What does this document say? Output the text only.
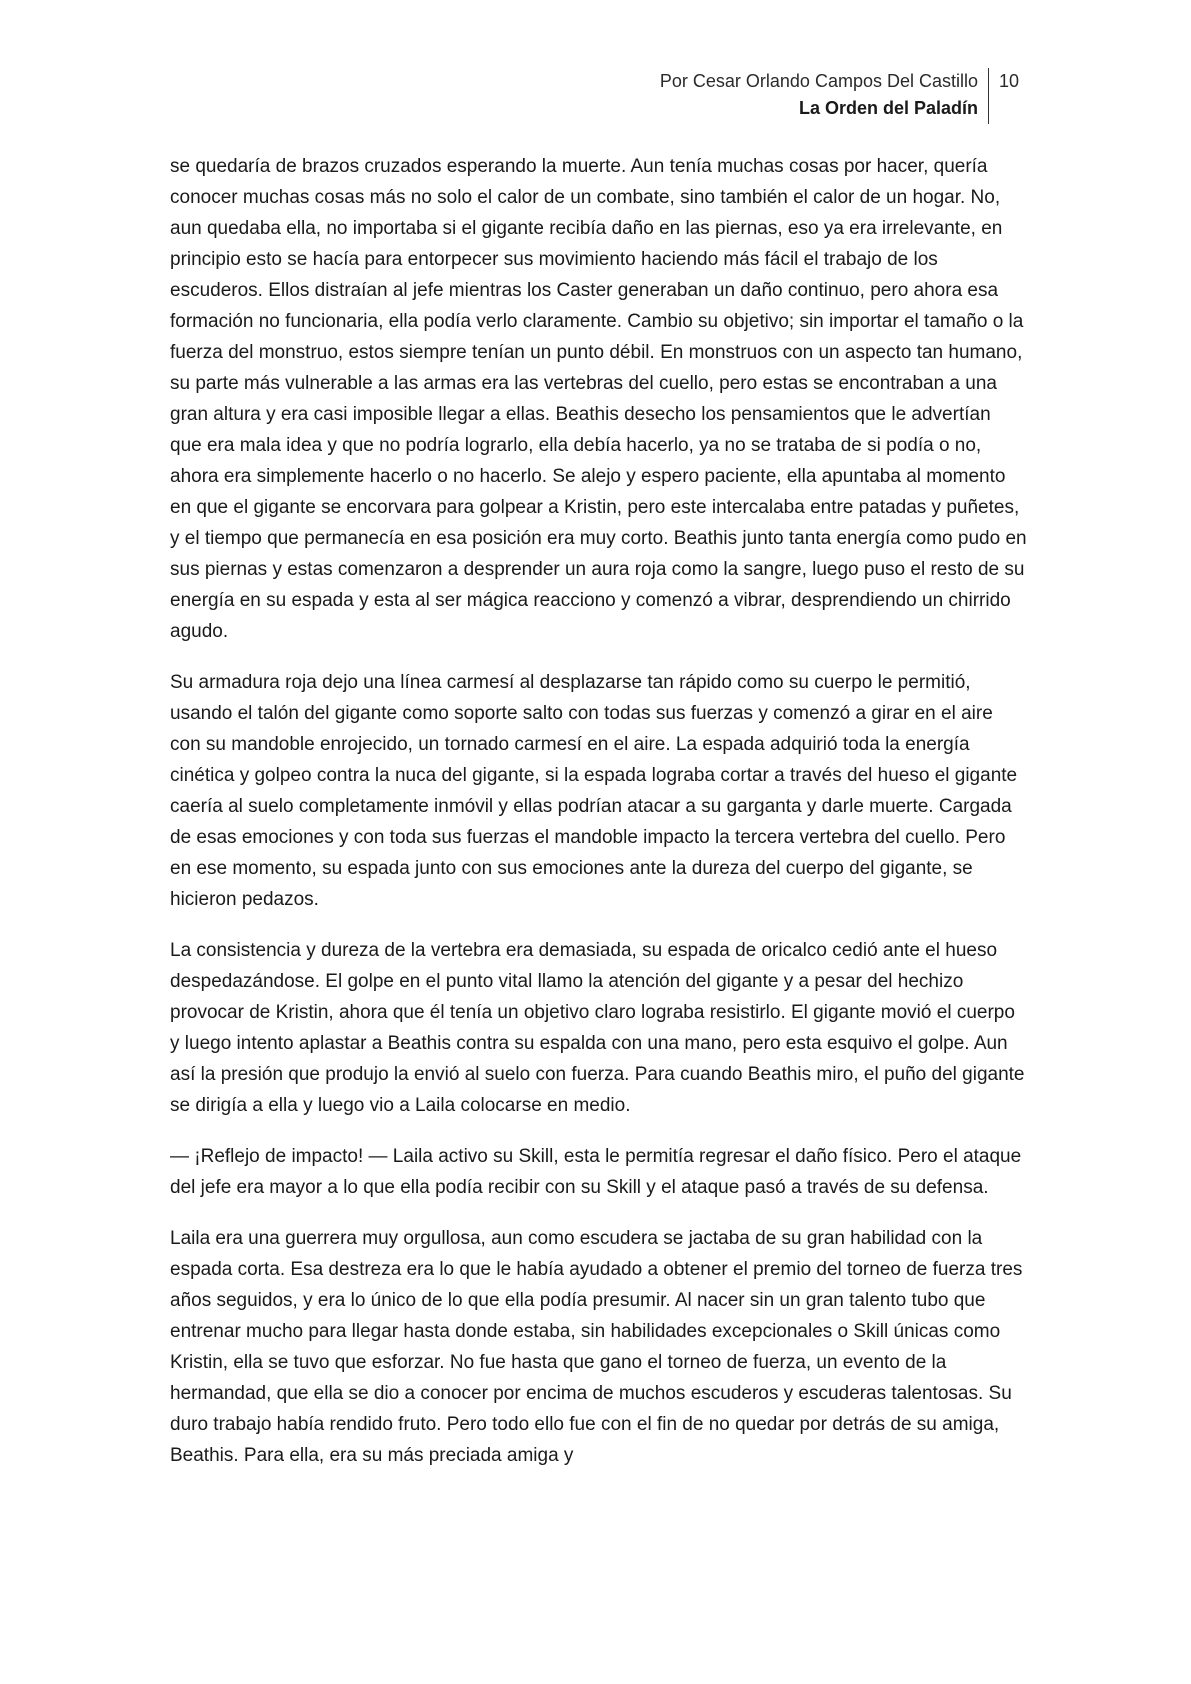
Por Cesar Orlando Campos Del Castillo
La Orden del Paladín
10

se quedaría de brazos cruzados esperando la muerte. Aun tenía muchas cosas por hacer, quería conocer muchas cosas más no solo el calor de un combate, sino también el calor de un hogar. No, aun quedaba ella, no importaba si el gigante recibía daño en las piernas, eso ya era irrelevante, en principio esto se hacía para entorpecer sus movimiento haciendo más fácil el trabajo de los escuderos. Ellos distraían al jefe mientras los Caster generaban un daño continuo, pero ahora esa formación no funcionaria, ella podía verlo claramente. Cambio su objetivo; sin importar el tamaño o la fuerza del monstruo, estos siempre tenían un punto débil. En monstruos con un aspecto tan humano, su parte más vulnerable a las armas era las vertebras del cuello, pero estas se encontraban a una gran altura y era casi imposible llegar a ellas. Beathis desecho los pensamientos que le advertían que era mala idea y que no podría lograrlo, ella debía hacerlo, ya no se trataba de si podía o no, ahora era simplemente hacerlo o no hacerlo. Se alejo y espero paciente, ella apuntaba al momento en que el gigante se encorvara para golpear a Kristin, pero este intercalaba entre patadas y puñetes, y el tiempo que permanecía en esa posición era muy corto. Beathis junto tanta energía como pudo en sus piernas y estas comenzaron a desprender un aura roja como la sangre, luego puso el resto de su energía en su espada y esta al ser mágica reacciono y comenzó a vibrar, desprendiendo un chirrido agudo.

Su armadura roja dejo una línea carmesí al desplazarse tan rápido como su cuerpo le permitió, usando el talón del gigante como soporte salto con todas sus fuerzas y comenzó a girar en el aire con su mandoble enrojecido, un tornado carmesí en el aire. La espada adquirió toda la energía cinética y golpeo contra la nuca del gigante, si la espada lograba cortar a través del hueso el gigante caería al suelo completamente inmóvil y ellas podrían atacar a su garganta y darle muerte. Cargada de esas emociones y con toda sus fuerzas el mandoble impacto la tercera vertebra del cuello. Pero en ese momento, su espada junto con sus emociones ante la dureza del cuerpo del gigante, se hicieron pedazos.

La consistencia y dureza de la vertebra era demasiada, su espada de oricalco cedió ante el hueso despedazándose. El golpe en el punto vital llamo la atención del gigante y a pesar del hechizo provocar de Kristin, ahora que él tenía un objetivo claro lograba resistirlo. El gigante movió el cuerpo y luego intento aplastar a Beathis contra su espalda con una mano, pero esta esquivo el golpe. Aun así la presión que produjo la envió al suelo con fuerza. Para cuando Beathis miro, el puño del gigante se dirigía a ella y luego vio a Laila colocarse en medio.

— ¡Reflejo de impacto! — Laila activo su Skill, esta le permitía regresar el daño físico. Pero el ataque del jefe era mayor a lo que ella podía recibir con su Skill y el ataque pasó a través de su defensa.

Laila era una guerrera muy orgullosa, aun como escudera se jactaba de su gran habilidad con la espada corta. Esa destreza era lo que le había ayudado a obtener el premio del torneo de fuerza tres años seguidos, y era lo único de lo que ella podía presumir. Al nacer sin un gran talento tubo que entrenar mucho para llegar hasta donde estaba, sin habilidades excepcionales o Skill únicas como Kristin, ella se tuvo que esforzar. No fue hasta que gano el torneo de fuerza, un evento de la hermandad, que ella se dio a conocer por encima de muchos escuderos y escuderas talentosas. Su duro trabajo había rendido fruto. Pero todo ello fue con el fin de no quedar por detrás de su amiga, Beathis. Para ella, era su más preciada amiga y
